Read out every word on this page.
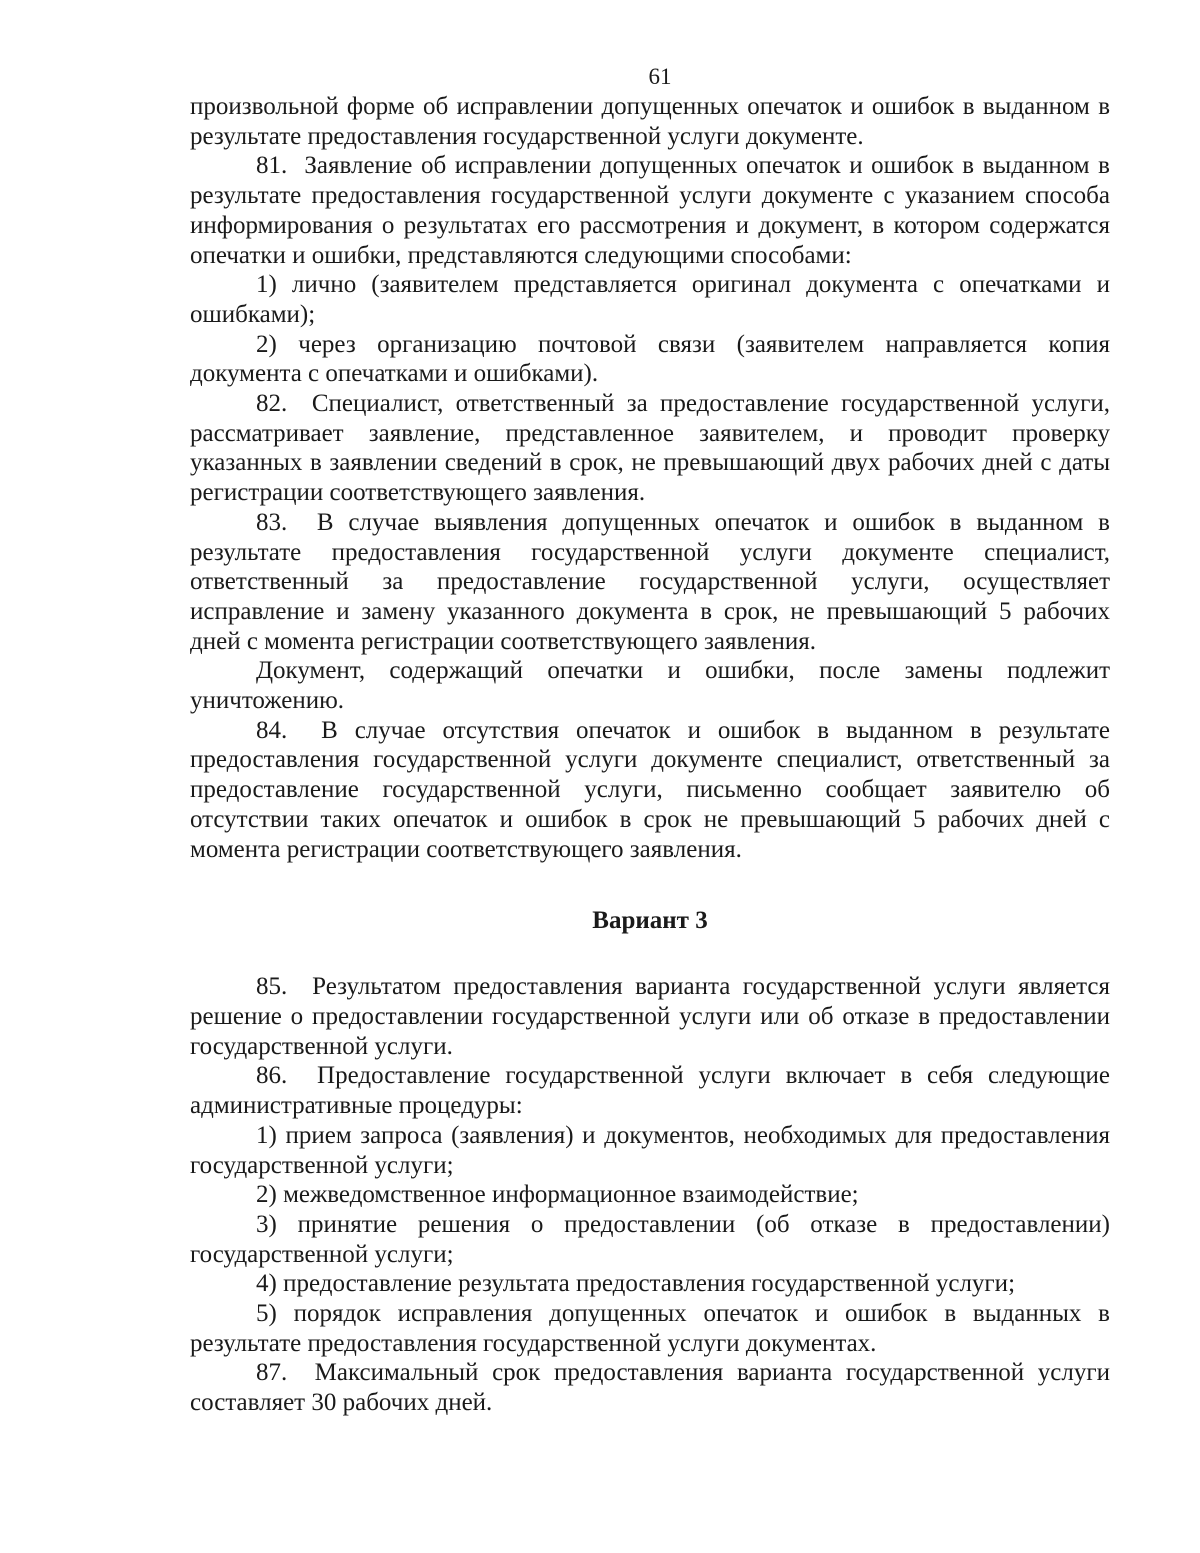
61

произвольной форме об исправлении допущенных опечаток и ошибок в выданном в результате предоставления государственной услуги документе.

81.  Заявление об исправлении допущенных опечаток и ошибок в выданном в результате предоставления государственной услуги документе с указанием способа информирования о результатах его рассмотрения и документ, в котором содержатся опечатки и ошибки, представляются следующими способами:

1) лично (заявителем представляется оригинал документа с опечатками и ошибками);

2) через организацию почтовой связи (заявителем направляется копия документа с опечатками и ошибками).

82.  Специалист, ответственный за предоставление государственной услуги, рассматривает заявление, представленное заявителем, и проводит проверку указанных в заявлении сведений в срок, не превышающий двух рабочих дней с даты регистрации соответствующего заявления.

83.  В случае выявления допущенных опечаток и ошибок в выданном в результате предоставления государственной услуги документе специалист, ответственный за предоставление государственной услуги, осуществляет исправление и замену указанного документа в срок, не превышающий 5 рабочих дней с момента регистрации соответствующего заявления.

Документ, содержащий опечатки и ошибки, после замены подлежит уничтожению.

84.  В случае отсутствия опечаток и ошибок в выданном в результате предоставления государственной услуги документе специалист, ответственный за предоставление государственной услуги, письменно сообщает заявителю об отсутствии таких опечаток и ошибок в срок не превышающий 5 рабочих дней с момента регистрации соответствующего заявления.

Вариант 3

85.  Результатом предоставления варианта государственной услуги является решение о предоставлении государственной услуги или об отказе в предоставлении государственной услуги.

86.  Предоставление государственной услуги включает в себя следующие административные процедуры:

1) прием запроса (заявления) и документов, необходимых для предоставления государственной услуги;

2) межведомственное информационное взаимодействие;

3) принятие решения о предоставлении (об отказе в предоставлении) государственной услуги;

4) предоставление результата предоставления государственной услуги;

5) порядок исправления допущенных опечаток и ошибок в выданных в результате предоставления государственной услуги документах.

87.  Максимальный срок предоставления варианта государственной услуги составляет 30 рабочих дней.
